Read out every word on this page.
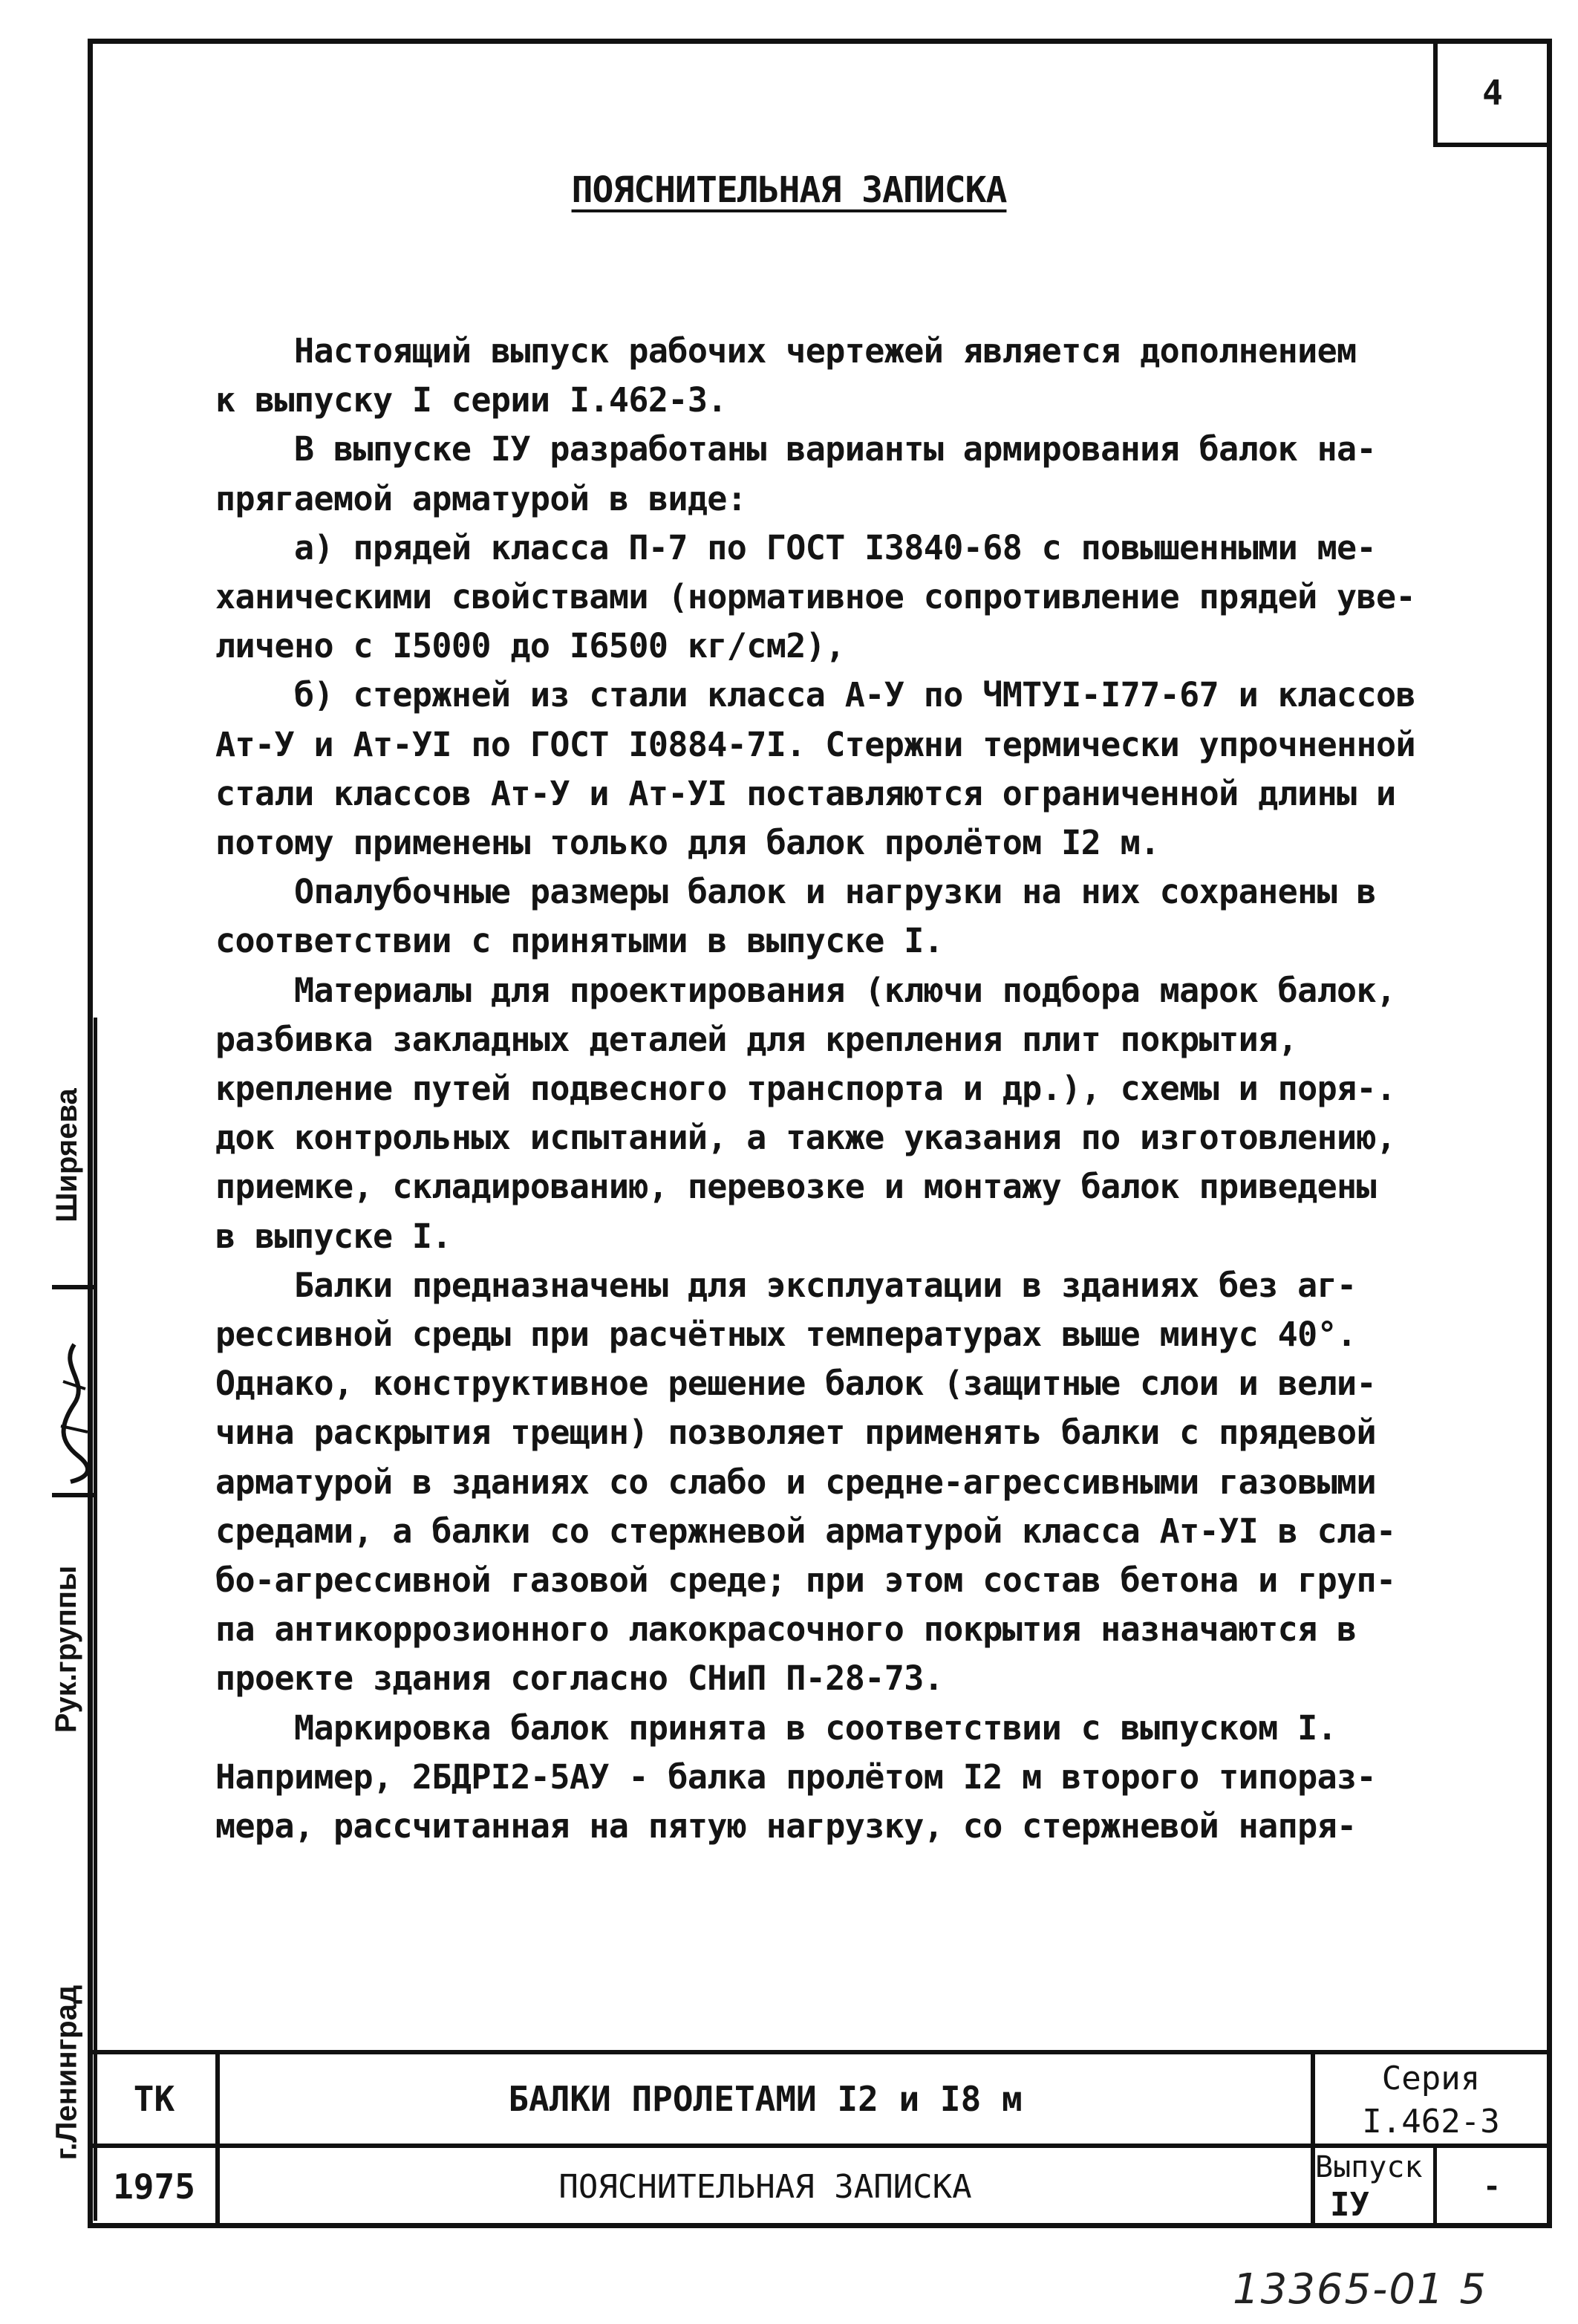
4
ПОЯСНИТЕЛЬНАЯ ЗАПИСКА
Настоящий выпуск рабочих чертежей является дополнением
к выпуску I серии I.462-3.
В выпуске IУ разработаны варианты армирования балок на-
прягаемой арматурой в виде:
а) прядей класса П-7 по ГОСТ I3840-68 с повышенными ме-
ханическими свойствами (нормативное сопротивление прядей уве-
личено с I5000 до I6500 кг/см2),
б) стержней из стали класса А-У по ЧМТУI-I77-67 и классов
Ат-У и Ат-УI по ГОСТ I0884-7I. Стержни термически упрочненной
стали классов Ат-У и Ат-УI поставляются ограниченной длины и
потому применены только для балок пролётом I2 м.
Опалубочные размеры балок и нагрузки на них сохранены в
соответствии с принятыми в выпуске I.
Материалы для проектирования (ключи подбора марок балок,
разбивка закладных деталей для крепления плит покрытия,
крепление путей подвесного транспорта и др.), схемы и поря-.
док контрольных испытаний, а также указания по изготовлению,
приемке, складированию, перевозке и монтажу балок приведены
в выпуске I.
Балки предназначены для эксплуатации в зданиях без аг-
рессивной среды при расчётных температурах выше минус 40°.
Однако, конструктивное решение балок (защитные слои и вели-
чина раскрытия трещин) позволяет применять балки с прядевой
арматурой в зданиях со слабо и средне-агрессивными газовыми
средами, а балки со стержневой арматурой класса Ат-УI в сла-
бо-агрессивной газовой среде; при этом состав бетона и груп-
па антикоррозионного лакокрасочного покрытия назначаются в
проекте здания согласно СНиП П-28-73.
Маркировка балок принята в соответствии с выпуском I.
Например, 2БДРI2-5АУ - балка пролётом I2 м второго типораз-
мера, рассчитанная на пятую нагрузку, со стержневой напря-
Ширяева
Рук.группы
г.Ленинград	ТК
1975
БАЛКИ ПРОЛЕТАМИ I2 и I8 м
ПОЯСНИТЕЛЬНАЯ ЗАПИСКА
Серия
I.462-3
Выпуск
IУ	-
13365-01 5
